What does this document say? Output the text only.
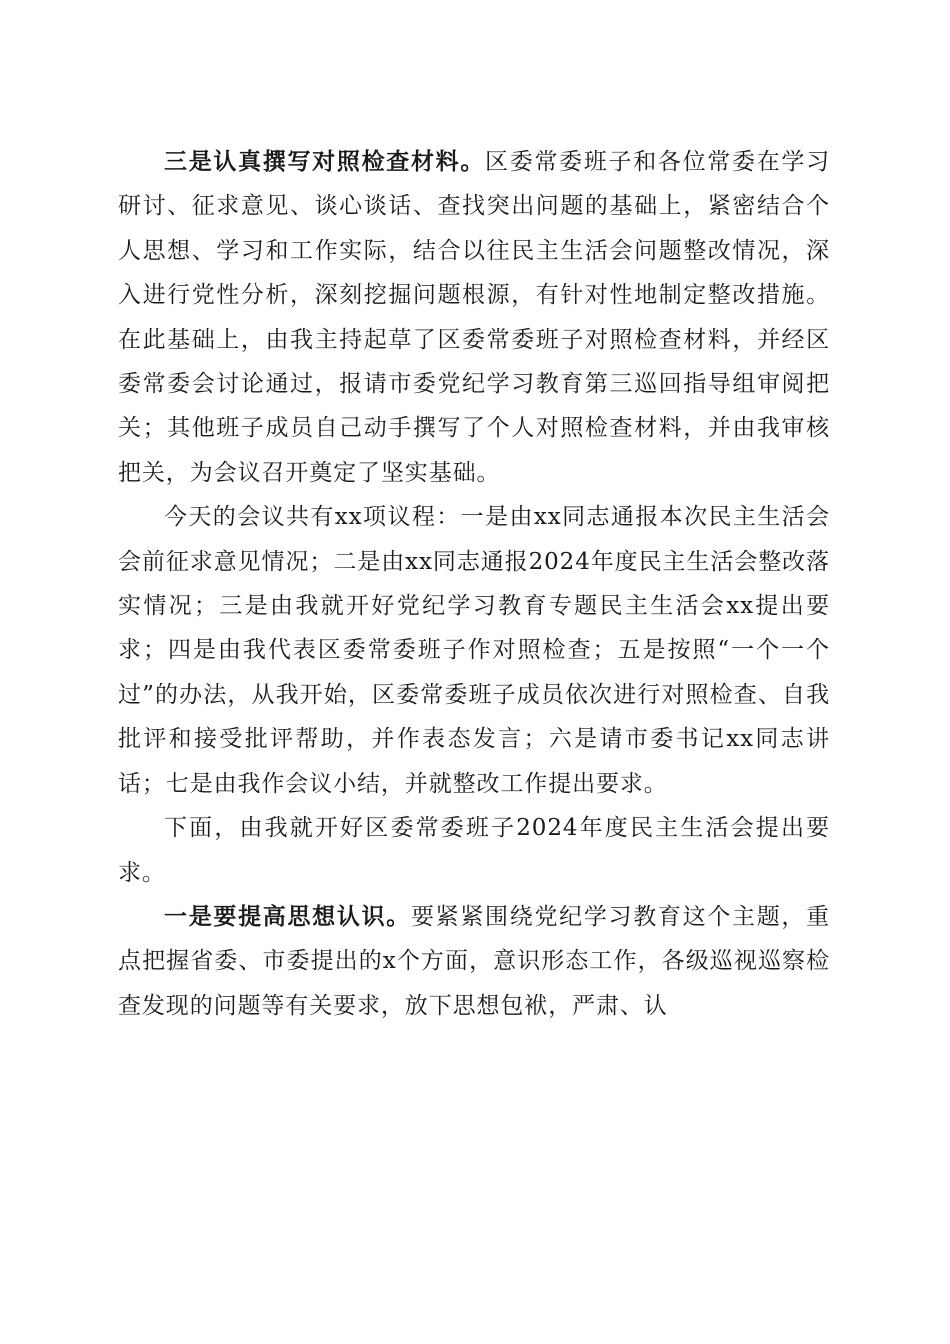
三是认真撰写对照检查材料。区委常委班子和各位常委在学习研讨、征求意见、谈心谈话、查找突出问题的基础上，紧密结合个人思想、学习和工作实际，结合以往民主生活会问题整改情况，深入进行党性分析，深刻挖掘问题根源，有针对性地制定整改措施。在此基础上，由我主持起草了区委常委班子对照检查材料，并经区委常委会讨论通过，报请市委党纪学习教育第三巡回指导组审阅把关；其他班子成员自己动手撰写了个人对照检查材料，并由我审核把关，为会议召开奠定了坚实基础。

今天的会议共有xx项议程：一是由xx同志通报本次民主生活会会前征求意见情况；二是由xx同志通报2024年度民主生活会整改落实情况；三是由我就开好党纪学习教育专题民主生活会xx提出要求；四是由我代表区委常委班子作对照检查；五是按照“一个一个过”的办法，从我开始，区委常委班子成员依次进行对照检查、自我批评和接受批评帮助，并作表态发言；六是请市委书记xx同志讲话；七是由我作会议小结，并就整改工作提出要求。

下面，由我就开好区委常委班子2024年度民主生活会提出要求。

一是要提高思想认识。要紧紧围绕党纪学习教育这个主题，重点把握省委、市委提出的x个方面，意识形态工作，各级巡视巡察检查发现的问题等有关要求，放下思想包袱，严肃、认
